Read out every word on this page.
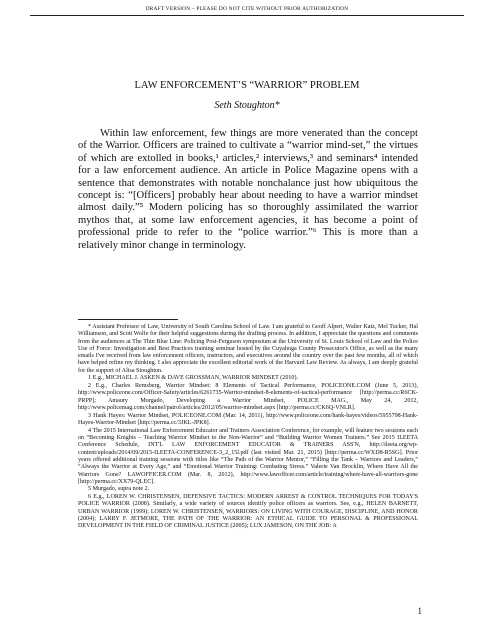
DRAFT VERSION – PLEASE DO NOT CITE WITHOUT PRIOR AUTHORIZATION
LAW ENFORCEMENT’S “WARRIOR” PROBLEM
Seth Stoughton*

Within law enforcement, few things are more venerated than the concept of the Warrior. Officers are trained to cultivate a “warrior mind-set,” the virtues of which are extolled in books,¹ articles,² interviews,³ and seminars⁴ intended for a law enforcement audience. An article in Police Magazine opens with a sentence that demonstrates with notable nonchalance just how ubiquitous the concept is: “[Officers] probably hear about needing to have a warrior mindset almost daily.”⁵ Modern policing has so thoroughly assimilated the warrior mythos that, at some law enforcement agencies, it has become a point of professional pride to refer to the “police warrior.”⁶ This is more than a relatively minor change in terminology.

* Assistant Professor of Law, University of South Carolina School of Law. I am grateful to Geoff Alpert, Walter Katz, Mel Tucker, Hal Williamson, and Scott Wolfe for their helpful suggestions during the drafting process. In addition, I appreciate the questions and comments from the audiences at The Thin Blue Line: Policing Post-Ferguson symposium at the University of St. Louis School of Law and the Police Use of Force: Investigation and Best Practices training seminar hosted by the Cuyahoga County Prosecutor's Office, as well as the many emails I've received from law enforcement officers, instructors, and executives around the country over the past few months, all of which have helped refine my thinking. I also appreciate the excellent editorial work of the Harvard Law Review. As always, I am deeply grateful for the support of Alisa Stoughton.

1 E.g., MICHAEL J. ASKEN & DAVE GROSSMAN, WARRIOR MINDSET (2010).

2 E.g., Charles Remsberg, Warrior Mindset: 8 Elements of Tactical Performance, POLICEONE.COM (June 5, 2013), http://www.policeone.com/Officer-Safety/articles/6261735-Warrior-mindset-8-elements-of-tactical-performance [http://perma.cc/R6CK-PRPP]; Amaury Murgado, Developing a Warrior Mindset, POLICE MAG., May 24, 2012, http://www.policemag.com/channel/patrol/articles/2012/05/warrior-mindset.aspx [http://perma.cc/CK6Q-VNLR].

3 Hank Hayes: Warrior Mindset, POLICEONE.COM (Mar. 14, 2011), http://www.policeone.com/hank-hayes/videos/5955798-Hank-Hayes-Warrior-Mindset [http://perma.cc/3JKL-JPK8].

4 The 2015 International Law Enforcement Educator and Trainers Association Conference, for example, will feature two sessions each on “Becoming Knights – Teaching Warrior Mindset to the Non-Warrior” and “Building Warrior Women Trainers.” See 2015 ILEETA Conference Schedule, INT'L LAW ENFORCEMENT EDUCATOR & TRAINERS ASS'N, http://ileeta.org/wp-content/uploads/2014/09/2015-ILEETA-CONFERENCE-3_2_15l.pdf (last visited Mar. 21, 2015) [http://perma.cc/WXD8-R5SG]. Prior years offered additional training sessions with titles like “The Path of the Warrior Mentor,” “Filling the Tank – Warriors and Leaders,” “Always the Warrior at Every Age,” and “Emotional Warrior Training: Combating Stress.” Valerie Van Brocklin, Where Have All the Warriors Gone? LAWOFFICER.COM (Mar. 8, 2012), http://www.lawofficer.com/article/training/where-have-all-warriors-gone [http://perma.cc/XX79-QLEC].

5 Murgado, supra note 2.

6 E.g., LOREN W. CHRISTENSEN, DEFENSIVE TACTICS: MODERN ARREST & CONTROL TECHNIQUES FOR TODAY'S POLICE WARRIOR (2008). Similarly, a wide variety of sources identify police officers as warriors. See, e.g., HELEN BARNETT, URBAN WARRIOR (1999); LOREN W. CHRISTENSEN, WARRIORS: ON LIVING WITH COURAGE, DISCIPLINE, AND HONOR (2004); LARRY F. JETMORE, THE PATH OF THE WARRIOR: AN ETHICAL GUIDE TO PERSONAL & PROFESSIONAL DEVELOPMENT IN THE FIELD OF CRIMINAL JUSTICE (2005); LUX JAMESON, ON THE JOB: A

1
